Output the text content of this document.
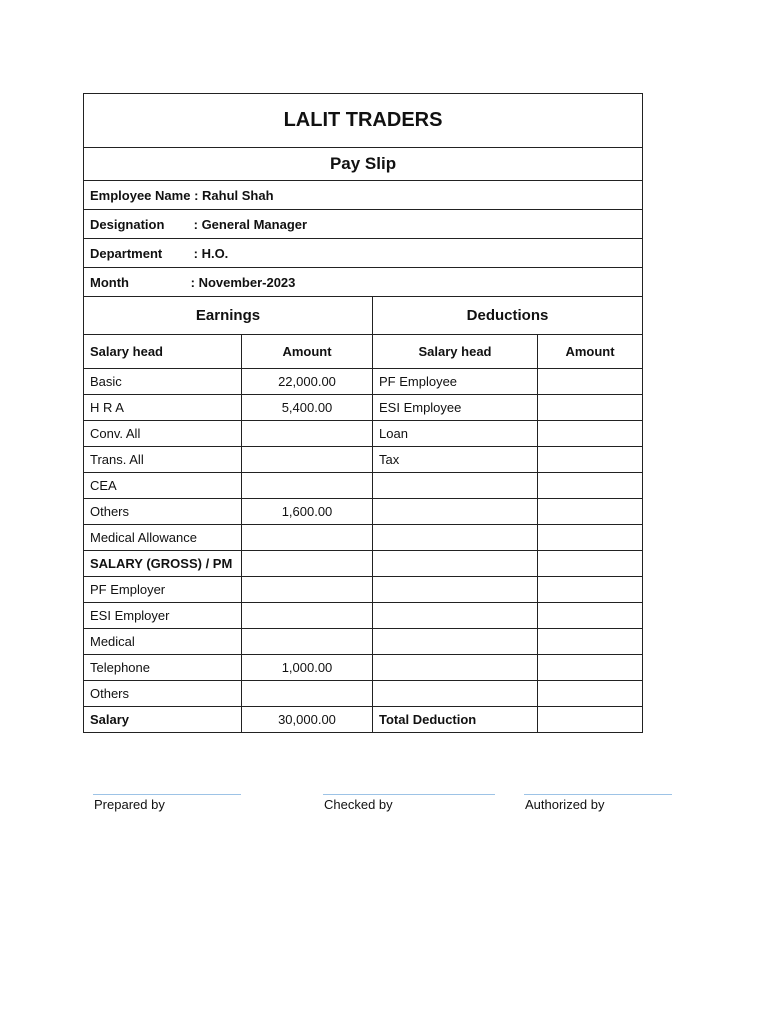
LALIT TRADERS			
Pay Slip			
Employee Name : Rahul Shah			
Designation : General Manager			
Department : H.O.			
Month : November-2023			
Earnings		Deductions	
Salary head	Amount	Salary head	Amount
Basic	22,000.00	PF Employee	
H R A	5,400.00	ESI Employee	
Conv. All		Loan	
Trans. All		Tax	
CEA			
Others	1,600.00		
Medical Allowance			
SALARY (GROSS) / PM			
PF Employer			
ESI Employer			
Medical			
Telephone	1,000.00		
Others			
Salary	30,000.00	Total Deduction	
Prepared by	Checked by	Authorized by
